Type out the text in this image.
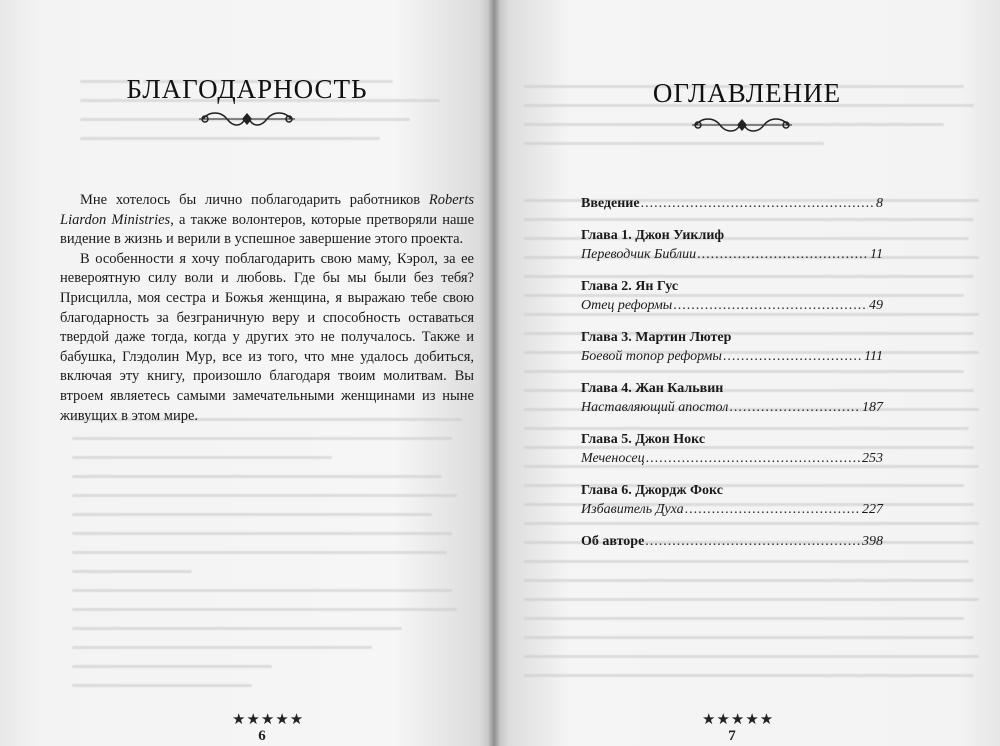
БЛАГОДАРНОСТЬ

Мне хотелось бы лично поблагодарить работников Roberts Liardon Ministries, а также волонтеров, которые претворяли наше видение в жизнь и верили в успешное завершение этого проекта.

В особенности я хочу поблагодарить свою маму, Кэрол, за ее невероятную силу воли и любовь. Где бы мы были без тебя? Присцилла, моя сестра и Божья женщина, я выражаю тебе свою благодарность за безграничную веру и способность оставаться твердой даже тогда, когда у других это не получалось. Также и бабушка, Глэдолин Мур, все из того, что мне удалось добиться, включая эту книгу, произошло благодаря твоим молитвам. Вы втроем являетесь самыми замечательными женщинами из ныне живущих в этом мире.

★★★★★
6
ОГЛАВЛЕНИЕ
Введение .....	8
Глава 1. Джон Уиклиф
Переводчик Библии .....	11
Глава 2. Ян Гус
Отец реформы .....	49
Глава 3. Мартин Лютер
Боевой топор реформы .....	111
Глава 4. Жан Кальвин
Наставляющий апостол .....	187
Глава 5. Джон Нокс
Меченосец .....	253
Глава 6. Джордж Фокс
Избавитель Духа .....	227
Об авторе .....	398
★★★★★
7
